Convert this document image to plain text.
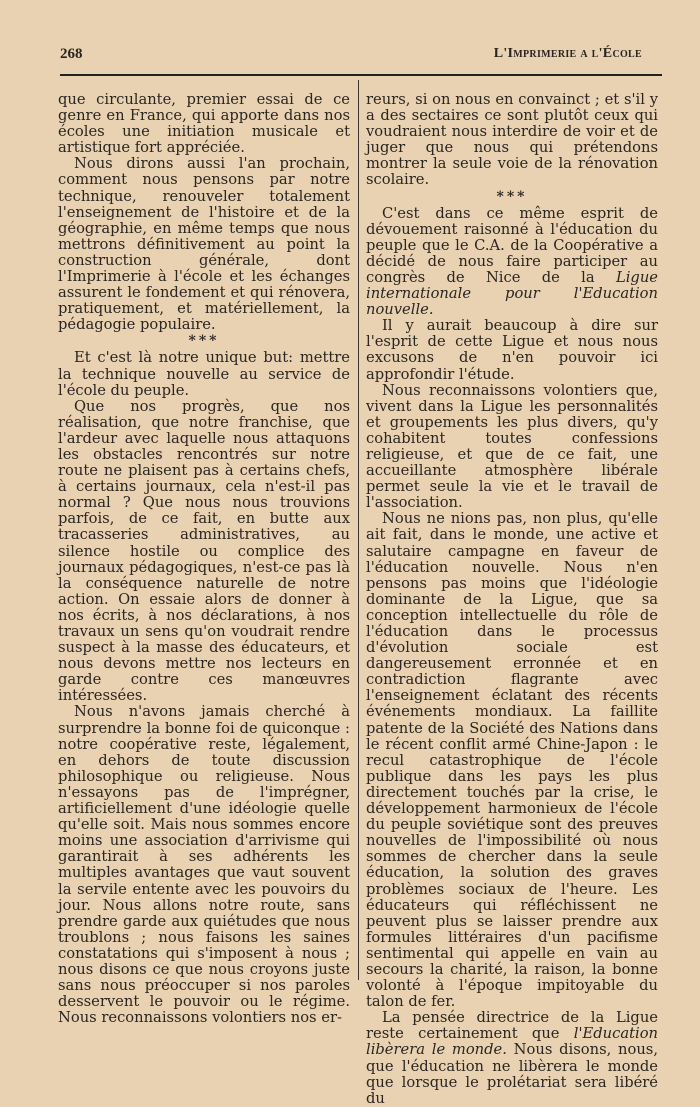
268	L'Imprimerie a l'École

que circulante, premier essai de ce genre en France, qui apporte dans nos écoles une initiation musicale et artistique fort appréciée.

Nous dirons aussi l'an prochain, comment nous pensons par notre technique, renouveler totalement l'enseignement de l'histoire et de la géographie, en même temps que nous mettrons définitivement au point la construction générale, dont l'Imprimerie à l'école et les échanges assurent le fondement et qui rénovera, pratiquement, et matériellement, la pédagogie populaire.

***

Et c'est là notre unique but: mettre la technique nouvelle au service de l'école du peuple.

Que nos progrès, que nos réalisation, que notre franchise, que l'ardeur avec laquelle nous attaquons les obstacles rencontrés sur notre route ne plaisent pas à certains chefs, à certains journaux, cela n'est-il pas normal ? Que nous nous trouvions parfois, de ce fait, en butte aux tracasseries administratives, au silence hostile ou complice des journaux pédagogiques, n'est-ce pas là la conséquence naturelle de notre action. On essaie alors de donner à nos écrits, à nos déclarations, à nos travaux un sens qu'on voudrait rendre suspect à la masse des éducateurs, et nous devons mettre nos lecteurs en garde contre ces manœuvres intéressées.

Nous n'avons jamais cherché à surprendre la bonne foi de quiconque : notre coopérative reste, légalement, en dehors de toute discussion philosophique ou religieuse. Nous n'essayons pas de l'imprégner, artificiellement d'une idéologie quelle qu'elle soit. Mais nous sommes encore moins une association d'arrivisme qui garantirait à ses adhérents les multiples avantages que vaut souvent la servile entente avec les pouvoirs du jour. Nous allons notre route, sans prendre garde aux quiétudes que nous troublons ; nous faisons les saines constatations qui s'imposent à nous ; nous disons ce que nous croyons juste sans nous préoccuper si nos paroles desservent le pouvoir ou le régime. Nous reconnaissons volontiers nos er-

reurs, si on nous en convainct ; et s'il y a des sectaires ce sont plutôt ceux qui voudraient nous interdire de voir et de juger que nous qui prétendons montrer la seule voie de la rénovation scolaire.

***

C'est dans ce même esprit de dévouement raisonné à l'éducation du peuple que le C.A. de la Coopérative a décidé de nous faire participer au congrès de Nice de la Ligue internationale pour l'Education nouvelle.

Il y aurait beaucoup à dire sur l'esprit de cette Ligue et nous nous excusons de n'en pouvoir ici approfondir l'étude.

Nous reconnaissons volontiers que, vivent dans la Ligue les personnalités et groupements les plus divers, qu'y cohabitent toutes confessions religieuse, et que de ce fait, une accueillante atmosphère libérale permet seule la vie et le travail de l'association.

Nous ne nions pas, non plus, qu'elle ait fait, dans le monde, une active et salutaire campagne en faveur de l'éducation nouvelle. Nous n'en pensons pas moins que l'idéologie dominante de la Ligue, que sa conception intellectuelle du rôle de l'éducation dans le processus d'évolution sociale est dangereusement erronnée et en contradiction flagrante avec l'enseignement éclatant des récents événements mondiaux. La faillite patente de la Société des Nations dans le récent conflit armé Chine-Japon : le recul catastrophique de l'école publique dans les pays les plus directement touchés par la crise, le développement harmonieux de l'école du peuple soviétique sont des preuves nouvelles de l'impossibilité où nous sommes de chercher dans la seule éducation, la solution des graves problèmes sociaux de l'heure. Les éducateurs qui réfléchissent ne peuvent plus se laisser prendre aux formules littéraires d'un pacifisme sentimental qui appelle en vain au secours la charité, la raison, la bonne volonté à l'époque impitoyable du talon de fer.

La pensée directrice de la Ligue reste certainement que l'Education libèrera le monde. Nous disons, nous, que l'éducation ne libèrera le monde que lorsque le prolétariat sera libéré du
